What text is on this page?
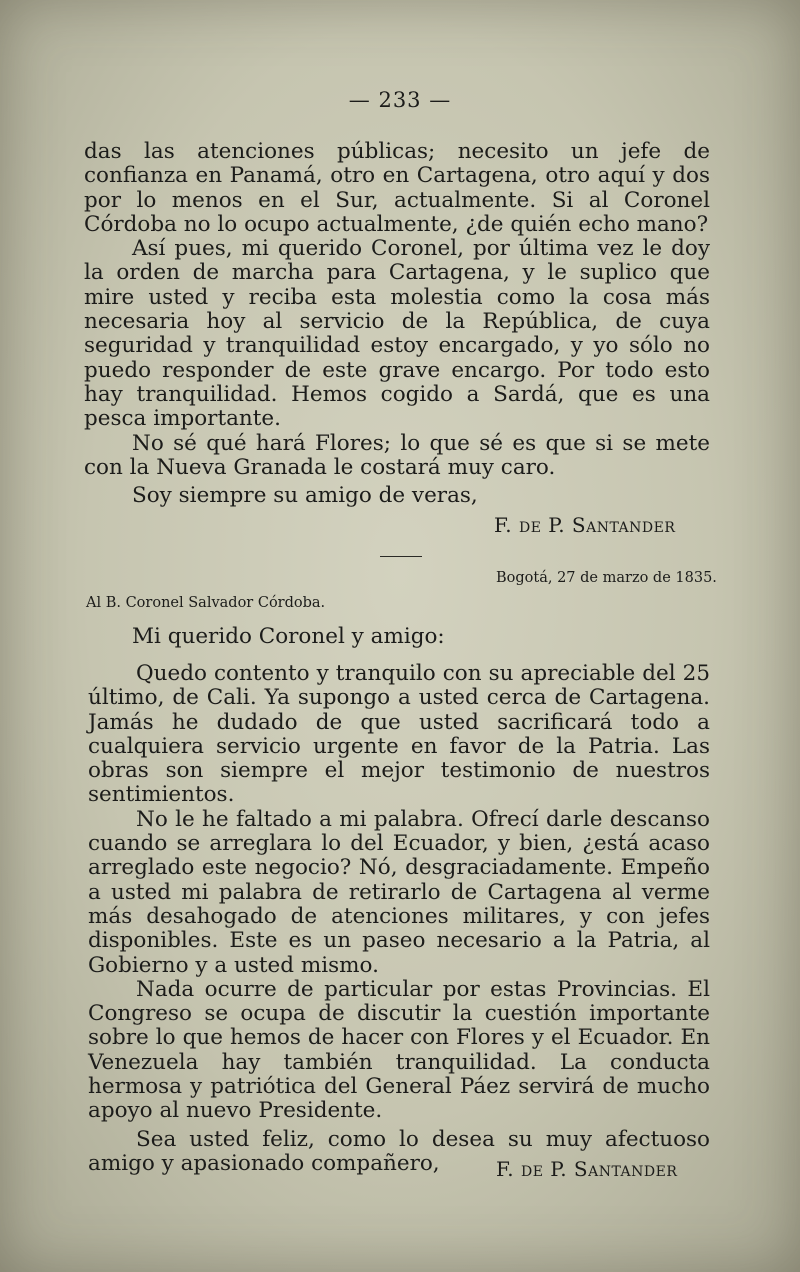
— 233 —

das las atenciones públicas; necesito un jefe de confianza en Panamá, otro en Cartagena, otro aquí y dos por lo menos en el Sur, actualmente. Si al Coronel Córdoba no lo ocupo actualmente, ¿de quién echo mano?

Así pues, mi querido Coronel, por última vez le doy la orden de marcha para Cartagena, y le suplico que mire usted y reciba esta molestia como la cosa más necesaria hoy al servicio de la República, de cuya seguridad y tranquilidad estoy encargado, y yo sólo no puedo responder de este grave encargo. Por todo esto hay tranquilidad. Hemos cogido a Sardá, que es una pesca importante.

No sé qué hará Flores; lo que sé es que si se mete con la Nueva Granada le costará muy caro.

Soy siempre su amigo de veras,

F. DE P. SANTANDER
Bogotá, 27 de marzo de 1835.
Al B. Coronel Salvador Córdoba.
Mi querido Coronel y amigo:

Quedo contento y tranquilo con su apreciable del 25 último, de Cali. Ya supongo a usted cerca de Cartagena. Jamás he dudado de que usted sacrificará todo a cualquiera servicio urgente en favor de la Patria. Las obras son siempre el mejor testimonio de nuestros sentimientos.

No le he faltado a mi palabra. Ofrecí darle descanso cuando se arreglara lo del Ecuador, y bien, ¿está acaso arreglado este negocio? Nó, desgraciadamente. Empeño a usted mi palabra de retirarlo de Cartagena al verme más desahogado de atenciones militares, y con jefes disponibles. Este es un paseo necesario a la Patria, al Gobierno y a usted mismo.

Nada ocurre de particular por estas Provincias. El Congreso se ocupa de discutir la cuestión importante sobre lo que hemos de hacer con Flores y el Ecuador. En Venezuela hay también tranquilidad. La conducta hermosa y patriótica del General Páez servirá de mucho apoyo al nuevo Presidente.

Sea usted feliz, como lo desea su muy afectuoso amigo y apasionado compañero,	F. DE P. SANTANDER
